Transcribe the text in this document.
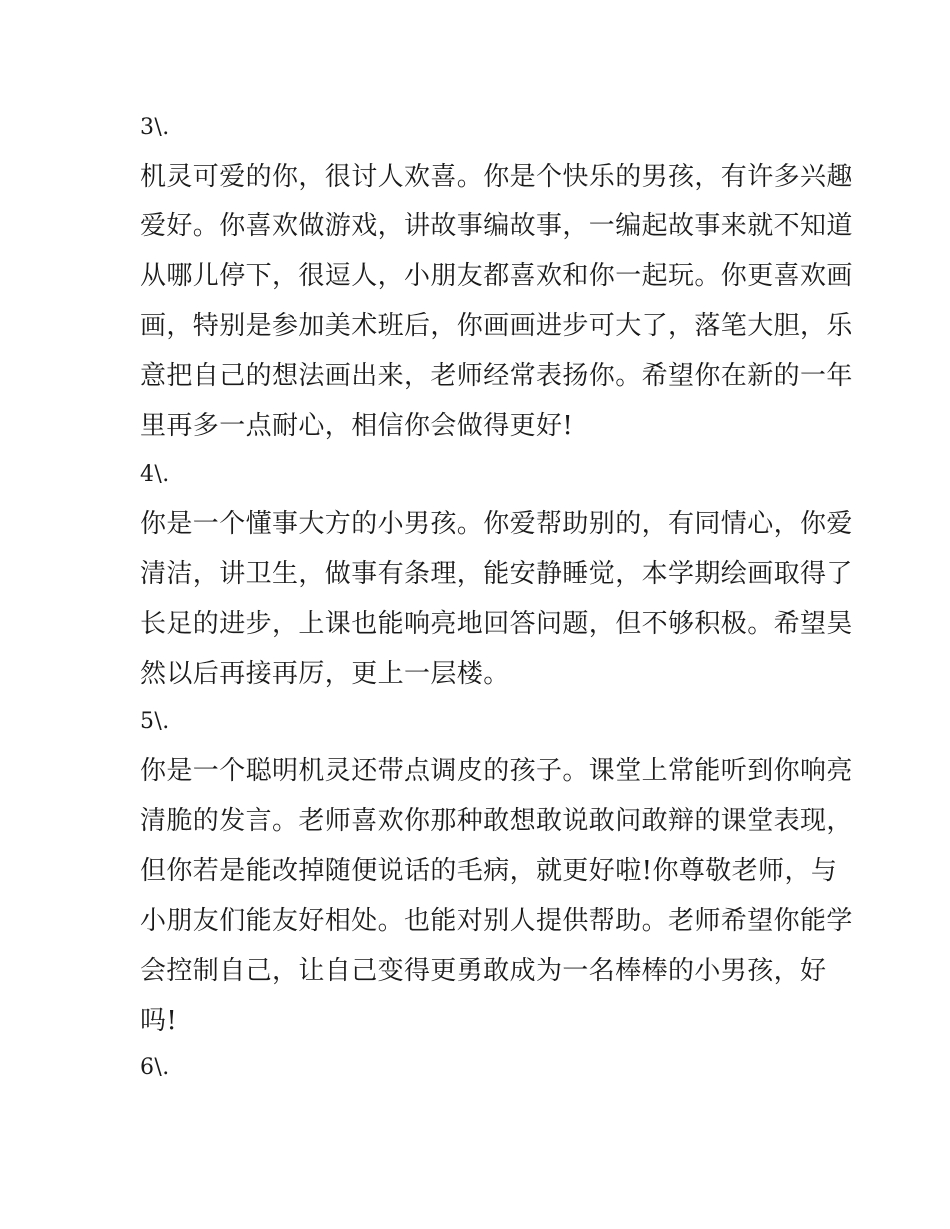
3\.

机灵可爱的你，很讨人欢喜。你是个快乐的男孩，有许多兴趣

爱好。你喜欢做游戏，讲故事编故事，一编起故事来就不知道

从哪儿停下，很逗人，小朋友都喜欢和你一起玩。你更喜欢画

画，特别是参加美术班后，你画画进步可大了，落笔大胆，乐

意把自己的想法画出来，老师经常表扬你。希望你在新的一年

里再多一点耐心，相信你会做得更好!

4\.

你是一个懂事大方的小男孩。你爱帮助别的，有同情心，你爱

清洁，讲卫生，做事有条理，能安静睡觉，本学期绘画取得了

长足的进步，上课也能响亮地回答问题，但不够积极。希望昊

然以后再接再厉，更上一层楼。

5\.

你是一个聪明机灵还带点调皮的孩子。课堂上常能听到你响亮

清脆的发言。老师喜欢你那种敢想敢说敢问敢辩的课堂表现，

但你若是能改掉随便说话的毛病，就更好啦!你尊敬老师，与

小朋友们能友好相处。也能对别人提供帮助。老师希望你能学

会控制自己，让自己变得更勇敢成为一名棒棒的小男孩，好

吗!

6\.
